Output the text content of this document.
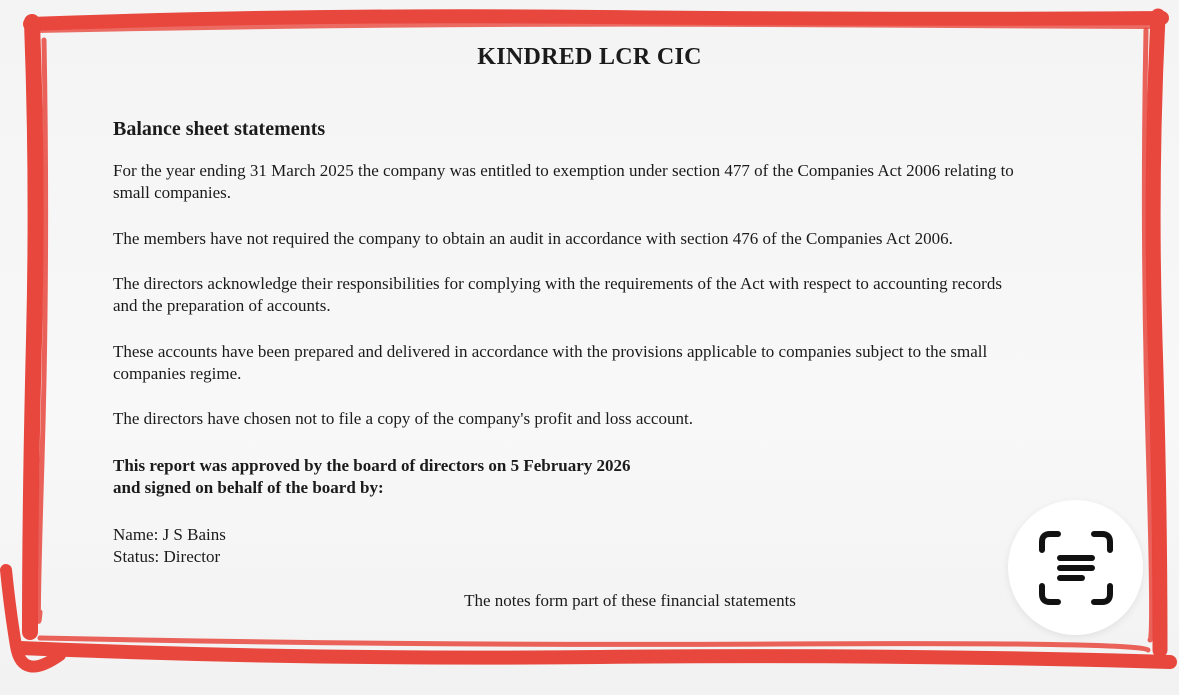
KINDRED LCR CIC
Balance sheet statements
For the year ending 31 March 2025 the company was entitled to exemption under section 477 of the Companies Act 2006 relating to
small companies.
The members have not required the company to obtain an audit in accordance with section 476 of the Companies Act 2006.
The directors acknowledge their responsibilities for complying with the requirements of the Act with respect to accounting records
and the preparation of accounts.
These accounts have been prepared and delivered in accordance with the provisions applicable to companies subject to the small
companies regime.
The directors have chosen not to file a copy of the company's profit and loss account.
This report was approved by the board of directors on 5 February 2026
and signed on behalf of the board by:
Name: J S Bains
Status: Director
The notes form part of these financial statements
